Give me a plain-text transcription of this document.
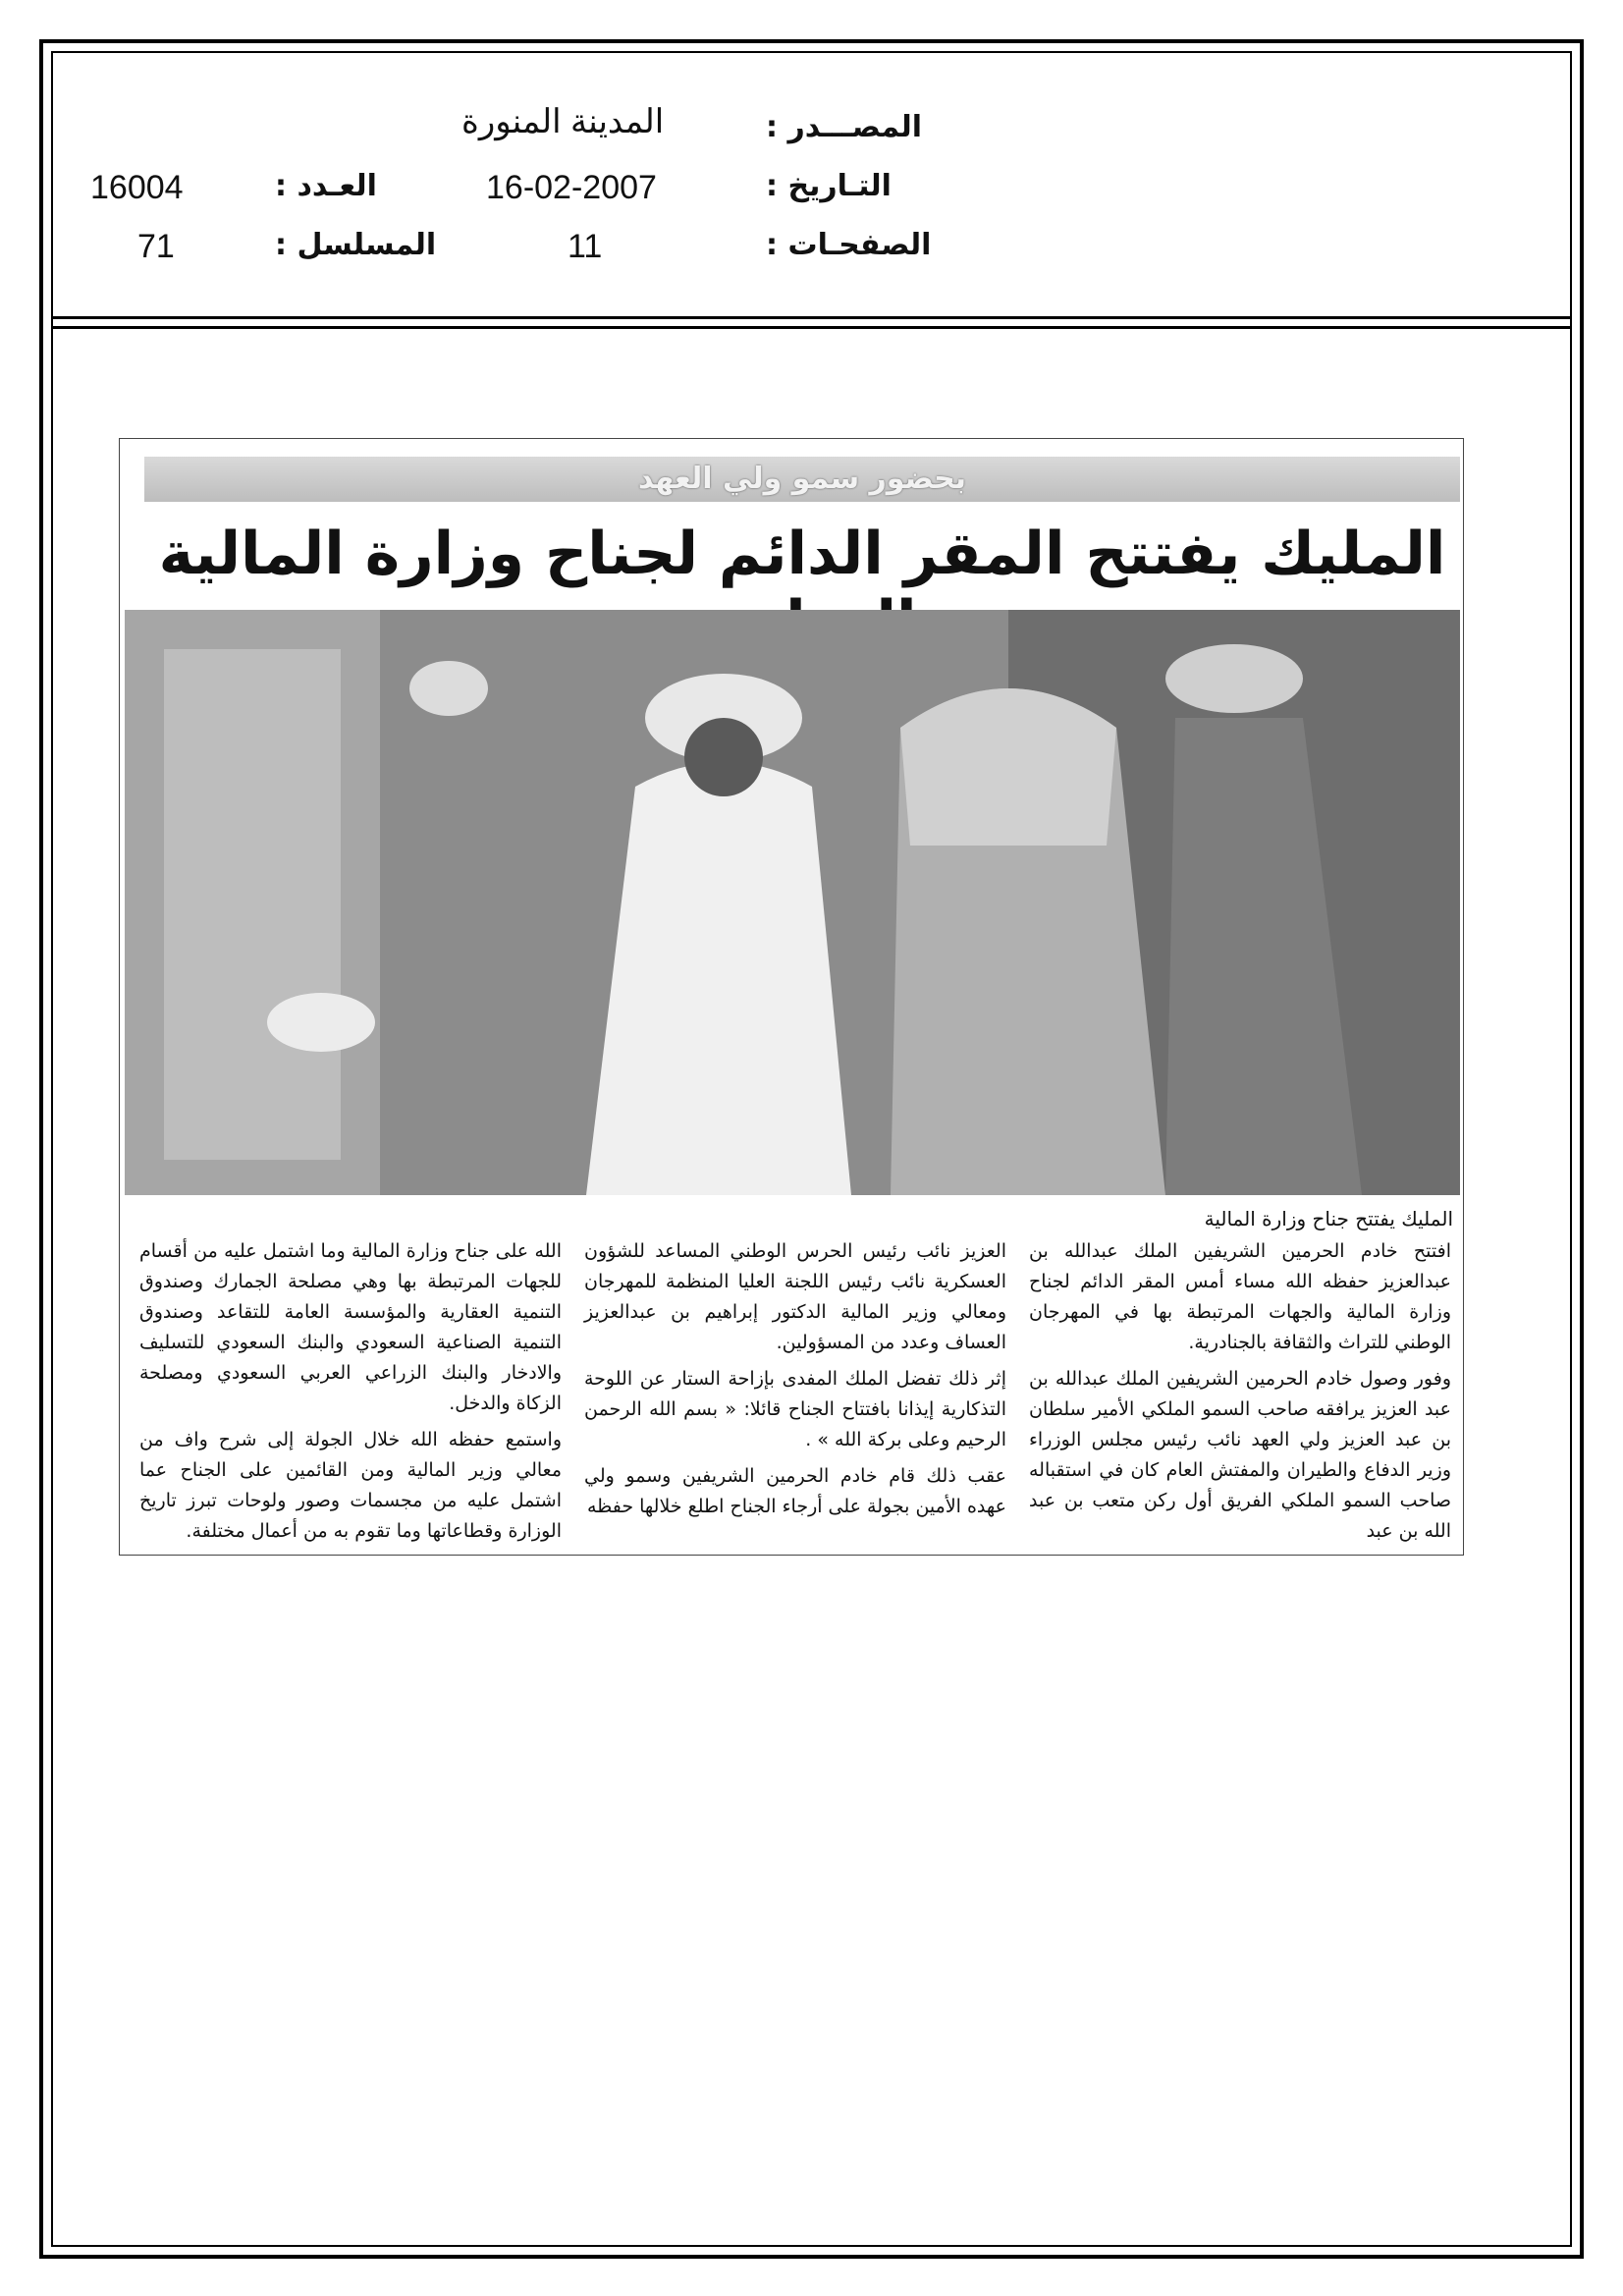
المصـــدر :
المدينة المنورة
التـاريخ :
16-02-2007
العـدد :
16004
الصفحـات :
11
المسلسل :
71
بحضور سمو ولي العهد
المليك يفتتح المقر الدائم لجناح وزارة المالية
المليك يفتتح جناح وزارة المالية

افتتح خادم الحرمين الشريفين الملك عبدالله بن عبدالعزيز حفظه الله مساء أمس المقر الدائم لجناح وزارة المالية والجهات المرتبطة بها في المهرجان الوطني للتراث والثقافة بالجنادرية.

وفور وصول خادم الحرمين الشريفين الملك عبدالله بن عبد العزيز يرافقه صاحب السمو الملكي الأمير سلطان بن عبد العزيز ولي العهد نائب رئيس مجلس الوزراء وزير الدفاع والطيران والمفتش العام كان في استقباله صاحب السمو الملكي الفريق أول ركن متعب بن عبد الله بن عبد

العزيز نائب رئيس الحرس الوطني المساعد للشؤون العسكرية نائب رئيس اللجنة العليا المنظمة للمهرجان ومعالي وزير المالية الدكتور إبراهيم بن عبدالعزيز العساف وعدد من المسؤولين.

إثر ذلك تفضل الملك المفدى بإزاحة الستار عن اللوحة التذكارية إيذانا بافتتاح الجناح قائلا: « بسم الله الرحمن الرحيم وعلى بركة الله » .

عقب ذلك قام خادم الحرمين الشريفين وسمو ولي عهده الأمين بجولة على أرجاء الجناح اطلع خلالها حفظه

الله على جناح وزارة المالية وما اشتمل عليه من أقسام للجهات المرتبطة بها وهي مصلحة الجمارك وصندوق التنمية العقارية والمؤسسة العامة للتقاعد وصندوق التنمية الصناعية السعودي والبنك السعودي للتسليف والادخار والبنك الزراعي العربي السعودي ومصلحة الزكاة والدخل.

واستمع حفظه الله خلال الجولة إلى شرح واف من معالي وزير المالية ومن القائمين على الجناح عما اشتمل عليه من مجسمات وصور ولوحات تبرز تاريخ الوزارة وقطاعاتها وما تقوم به من أعمال مختلفة.
